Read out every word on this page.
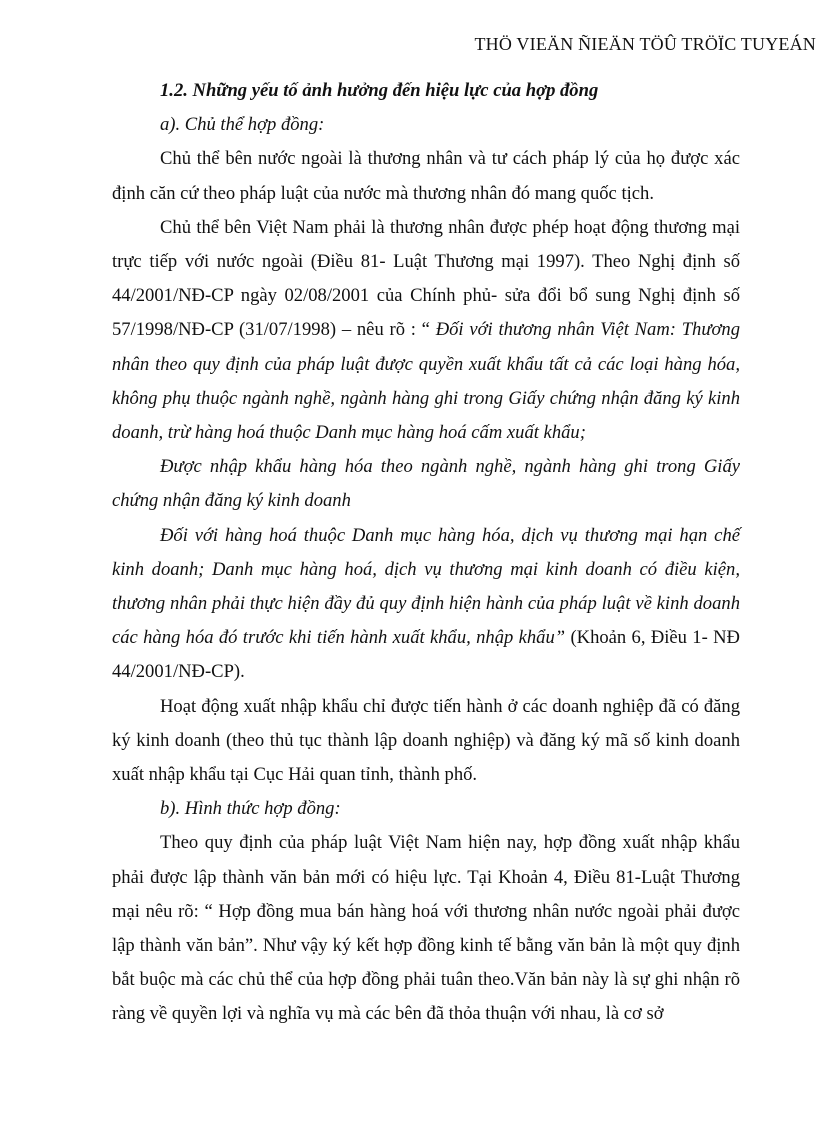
THÖ VIEÄN ÑIEÄN TÖÛ TRÖÏC TUYEÁN

1.2. Những yếu tố ảnh hưởng đến hiệu lực của hợp đồng

a). Chủ thể hợp đồng:

Chủ thể bên nước ngoài là thương nhân và tư cách pháp lý của họ được xác định căn cứ theo pháp luật của nước mà thương nhân đó mang quốc tịch.

Chủ thể bên Việt Nam phải là thương nhân được phép hoạt động thương mại trực tiếp với nước ngoài (Điều 81- Luật Thương mại 1997). Theo Nghị định số 44/2001/NĐ-CP ngày 02/08/2001 của Chính phủ- sửa đổi bổ sung Nghị định số 57/1998/NĐ-CP (31/07/1998) – nêu rõ : “ Đối với thương nhân Việt Nam: Thương nhân theo quy định của pháp luật được quyền xuất khẩu tất cả các loại hàng hóa, không phụ thuộc ngành nghề, ngành hàng ghi trong Giấy chứng nhận đăng ký kinh doanh, trừ hàng hoá thuộc Danh mục hàng hoá cấm xuất khẩu;

Được nhập khẩu hàng hóa theo ngành nghề, ngành hàng ghi trong Giấy chứng nhận đăng ký kinh doanh

Đối với hàng hoá thuộc Danh mục hàng hóa, dịch vụ thương mại hạn chế kinh doanh; Danh mục hàng hoá, dịch vụ thương mại kinh doanh có điều kiện, thương nhân phải thực hiện đầy đủ quy định hiện hành của pháp luật về kinh doanh các hàng hóa đó trước khi tiến hành xuất khẩu, nhập khẩu” (Khoản 6, Điều 1- NĐ 44/2001/NĐ-CP).

Hoạt động xuất nhập khẩu chỉ được tiến hành ở các doanh nghiệp đã có đăng ký kinh doanh (theo thủ tục thành lập doanh nghiệp) và đăng ký mã số kinh doanh xuất nhập khẩu tại Cục Hải quan tỉnh, thành phố.

b). Hình thức hợp đồng:

Theo quy định của pháp luật Việt Nam hiện nay, hợp đồng xuất nhập khẩu phải được lập thành văn bản mới có hiệu lực. Tại Khoản 4, Điều 81-Luật Thương mại nêu rõ: “ Hợp đồng mua bán hàng hoá với thương nhân nước ngoài phải được lập thành văn bản”. Như vậy ký kết hợp đồng kinh tế bằng văn bản là một quy định bắt buộc mà các chủ thể của hợp đồng phải tuân theo.Văn bản này là sự ghi nhận rõ ràng về quyền lợi và nghĩa vụ mà các bên đã thỏa thuận với nhau, là cơ sở
